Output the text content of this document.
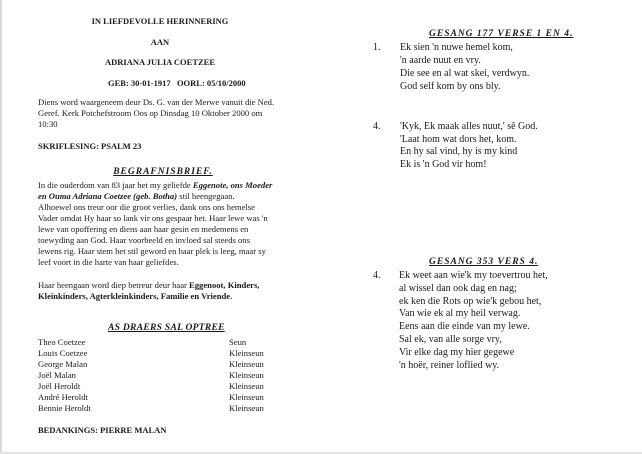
IN LIEFDEVOLLE HERINNERING
AAN
ADRIANA JULIA COETZEE
GEB: 30-01-1917   OORL: 05/10/2000
Diens word waargeneem deur Ds. G. van der Merwe vanuit die Ned.
Geref. Kerk Potchefstroom Oos op Dinsdag 10 Oktober 2000 om
10:30
SKRIFLESING: PSALM 23
BEGRAFNISBRIEF.
In die ouderdom van 83 jaar het my geliefde Eggenote, ons Moeder
en Ouma Adriana Coetzee (geb. Botha) stil heengegaan.
Alhoewel ons treur oor die groot verlies, dank ons ons hemelse
Vader omdat Hy haar so lank vir ons gespaar het. Haar lewe was 'n
lewe van opoffering en diens aan haar gesin en medemens en
toewyding aan God. Haar voorbeeld en invloed sal steeds ons
lewens rig. Haar stem het stil geword en haar plek is leeg, maar sy
leef voort in die harte van haar geliefdes.
Haar heengaan word diep betreur deur haar Eggenoot, Kinders,
Kleinkinders, Agterkleinkinders, Familie en Vriende.
AS DRAERS SAL OPTREE
Theo Coetzee	Seun
Louis Coetzee	Kleinseun
George Malan	Kleinseun
Joël Malan	Kleinseun
Joël Heroldt	Kleinseun
André Heroldt	Kleinseun
Bennie Heroldt	Kleinseun
BEDANKINGS: PIERRE MALAN
GESANG 177 VERSE 1 EN 4.
1. Ek sien 'n nuwe hemel kom,
'n aarde nuut en vry.
Die see en al wat skei, verdwyn.
God self kom by ons bly.
4. 'Kyk, Ek maak alles nuut,' sê God.
'Laat hom wat dors het, kom.
En hy sal vind, hy is my kind
Ek is 'n God vir hom!
GESANG 353 VERS 4.
4. Ek weet aan wie'k my toevertrou het,
al wissel dan ook dag en nag;
ek ken die Rots op wie'k gebou het,
Van wie ek al my heil verwag.
Eens aan die einde van my lewe.
Sal ek, van alle sorge vry,
Vir elke dag my hier gegewe
'n hoër, reiner loflied wy.
